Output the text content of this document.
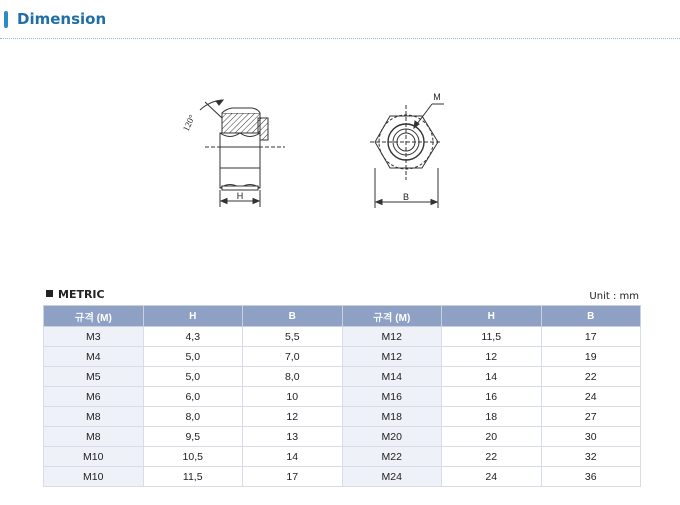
Dimension
120°
H
M
B
METRIC	Unit : mm
규격 (M)	H	B	규격 (M)	H	B
M3	4,3	5,5	M12	11,5	17
M4	5,0	7,0	M12	12	19
M5	5,0	8,0	M14	14	22
M6	6,0	10	M16	16	24
M8	8,0	12	M18	18	27
M8	9,5	13	M20	20	30
M10	10,5	14	M22	22	32
M10	11,5	17	M24	24	36
